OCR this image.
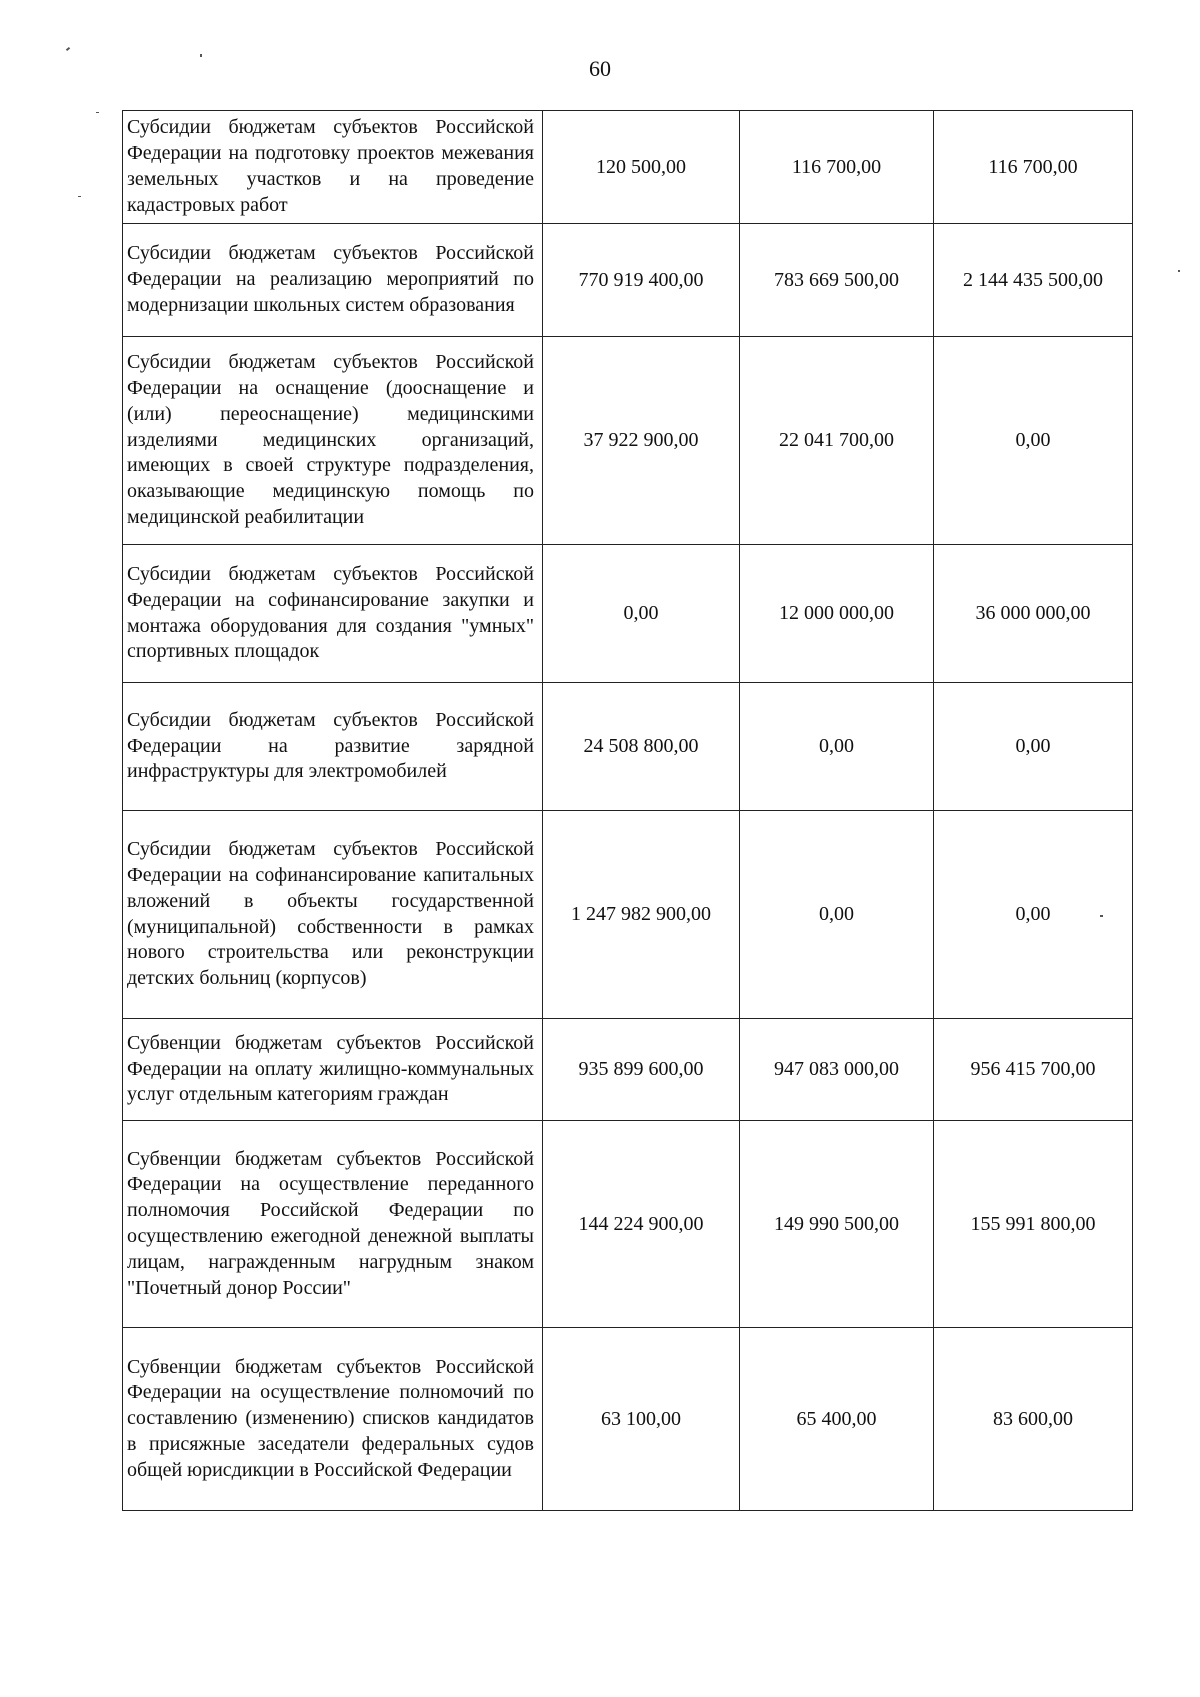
60
Субсидии бюджетам субъектов Российской Федерации на подготовку проектов межевания земельных участков и на проведение кадастровых работ	120 500,00	116 700,00	116 700,00
Субсидии бюджетам субъектов Российской Федерации на реализацию мероприятий по модернизации школьных систем образования	770 919 400,00	783 669 500,00	2 144 435 500,00
Субсидии бюджетам субъектов Российской Федерации на оснащение (дооснащение и (или) переоснащение) медицинскими изделиями медицинских организаций, имеющих в своей структуре подразделения, оказывающие медицинскую помощь по медицинской реабилитации	37 922 900,00	22 041 700,00	0,00
Субсидии бюджетам субъектов Российской Федерации на софинансирование закупки и монтажа оборудования для создания "умных" спортивных площадок	0,00	12 000 000,00	36 000 000,00
Субсидии бюджетам субъектов Российской Федерации на развитие зарядной инфраструктуры для электромобилей	24 508 800,00	0,00	0,00
Субсидии бюджетам субъектов Российской Федерации на софинансирование капитальных вложений в объекты государственной (муниципальной) собственности в рамках нового строительства или реконструкции детских больниц (корпусов)	1 247 982 900,00	0,00	0,00
Субвенции бюджетам субъектов Российской Федерации на оплату жилищно-коммунальных услуг отдельным категориям граждан	935 899 600,00	947 083 000,00	956 415 700,00
Субвенции бюджетам субъектов Российской Федерации на осуществление переданного полномочия Российской Федерации по осуществлению ежегодной денежной выплаты лицам, награжденным нагрудным знаком "Почетный донор России"	144 224 900,00	149 990 500,00	155 991 800,00
Субвенции бюджетам субъектов Российской Федерации на осуществление полномочий по составлению (изменению) списков кандидатов в присяжные заседатели федеральных судов общей юрисдикции в Российской Федерации	63 100,00	65 400,00	83 600,00
